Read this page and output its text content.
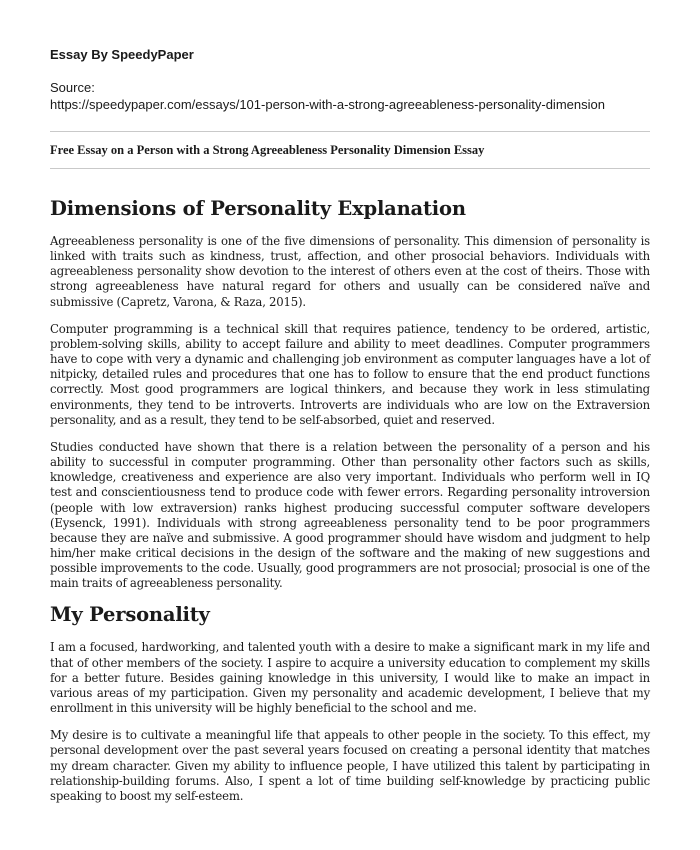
Essay By SpeedyPaper
Source:
https://speedypaper.com/essays/101-person-with-a-strong-agreeableness-personality-dimension
Free Essay on a Person with a Strong Agreeableness Personality Dimension Essay
Dimensions of Personality Explanation

Agreeableness personality is one of the five dimensions of personality. This dimension of personality is linked with traits such as kindness, trust, affection, and other prosocial behaviors. Individuals with agreeableness personality show devotion to the interest of others even at the cost of theirs. Those with strong agreeableness have natural regard for others and usually can be considered naïve and submissive (Capretz, Varona, & Raza, 2015).

Computer programming is a technical skill that requires patience, tendency to be ordered, artistic, problem-solving skills, ability to accept failure and ability to meet deadlines. Computer programmers have to cope with very a dynamic and challenging job environment as computer languages have a lot of nitpicky, detailed rules and procedures that one has to follow to ensure that the end product functions correctly. Most good programmers are logical thinkers, and because they work in less stimulating environments, they tend to be introverts. Introverts are individuals who are low on the Extraversion personality, and as a result, they tend to be self-absorbed, quiet and reserved.

Studies conducted have shown that there is a relation between the personality of a person and his ability to successful in computer programming. Other than personality other factors such as skills, knowledge, creativeness and experience are also very important. Individuals who perform well in IQ test and conscientiousness tend to produce code with fewer errors. Regarding personality introversion (people with low extraversion) ranks highest producing successful computer software developers (Eysenck, 1991). Individuals with strong agreeableness personality tend to be poor programmers because they are naïve and submissive. A good programmer should have wisdom and judgment to help him/her make critical decisions in the design of the software and the making of new suggestions and possible improvements to the code. Usually, good programmers are not prosocial; prosocial is one of the main traits of agreeableness personality.

My Personality

I am a focused, hardworking, and talented youth with a desire to make a significant mark in my life and that of other members of the society. I aspire to acquire a university education to complement my skills for a better future. Besides gaining knowledge in this university, I would like to make an impact in various areas of my participation. Given my personality and academic development, I believe that my enrollment in this university will be highly beneficial to the school and me.

My desire is to cultivate a meaningful life that appeals to other people in the society. To this effect, my personal development over the past several years focused on creating a personal identity that matches my dream character. Given my ability to influence people, I have utilized this talent by participating in relationship-building forums. Also, I spent a lot of time building self-knowledge by practicing public speaking to boost my self-esteem.
